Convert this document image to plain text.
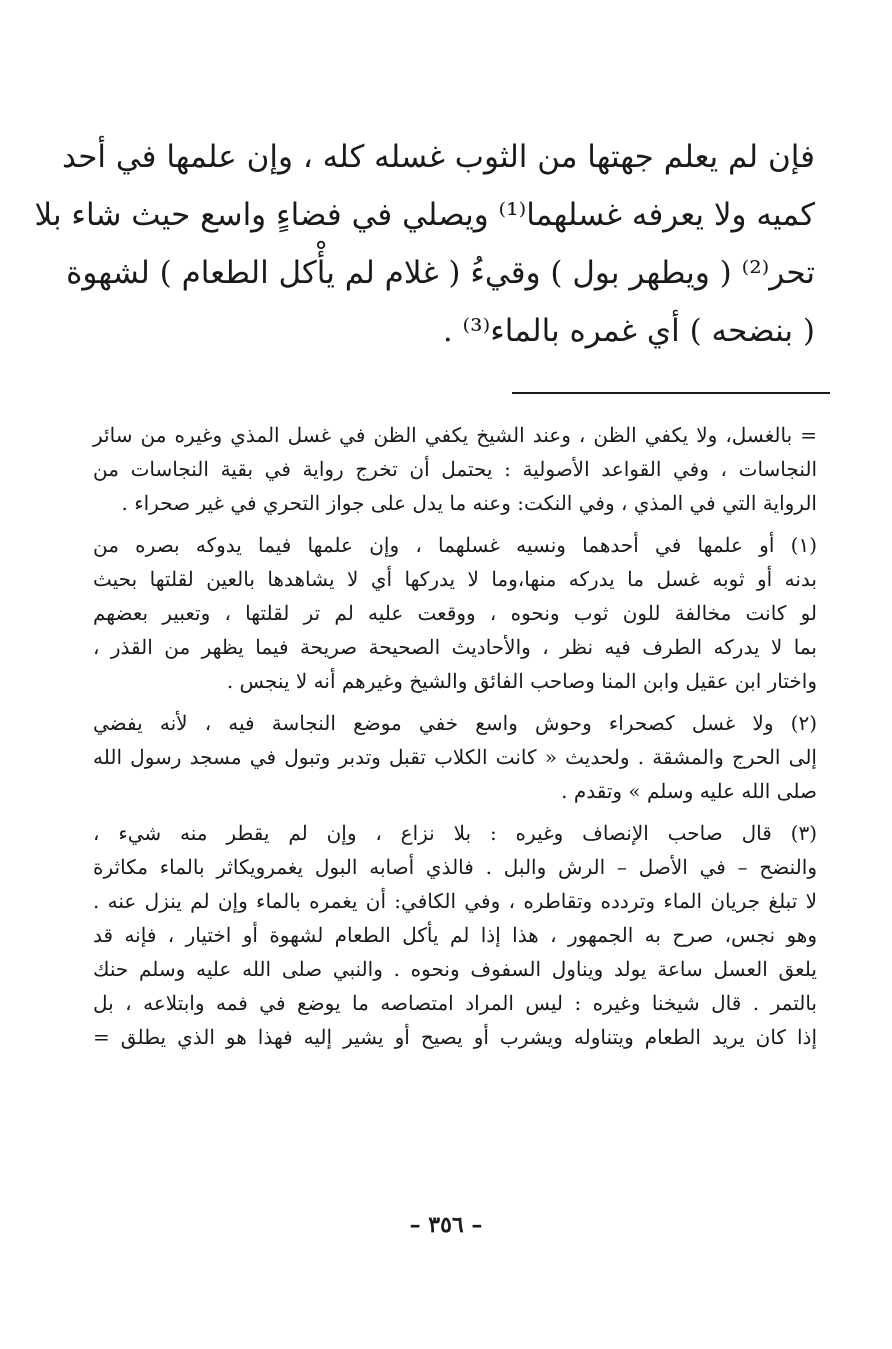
فإن لم يعلم جهتها من الثوب غسله كله ، وإن علمها في أحد
كميه ولا يعرفه غسلهما⁽¹⁾ ويصلي في فضاءٍ واسع حيث شاء بلا
تحر⁽²⁾ ( ويطهر بول ) وقيءُ ( غلام لم يأْكل الطعام ) لشهوة
( بنضحه ) أي غمره بالماء⁽³⁾ .
= بالغسل، ولا يكفي الظن ، وعند الشيخ يكفي الظن في غسل المذي وغيره من سائر
النجاسات ، وفي القواعد الأصولية : يحتمل أن تخرج رواية في بقية النجاسات من
الرواية التي في المذي ، وفي النكت: وعنه ما يدل على جواز التحري في غير صحراء .
(١) أو علمها في أحدهما ونسيه غسلهما ، وإن علمها فيما يدوكه بصره من
بدنه أو ثوبه غسل ما يدركه منها،وما لا يدركها أي لا يشاهدها بالعين لقلتها بحيث
لو كانت مخالفة للون ثوب ونحوه ، ووقعت عليه لم تر لقلتها ، وتعبير بعضهم
بما لا يدركه الطرف فيه نظر ، والأحاديث الصحيحة صريحة فيما يظهر من القذر ،
واختار ابن عقيل وابن المنا وصاحب الفائق والشيخ وغيرهم أنه لا ينجس .
(٢) ولا غسل كصحراء وحوش واسع خفي موضع النجاسة فيه ، لأنه يفضي
إلى الحرج والمشقة . ولحديث « كانت الكلاب تقبل وتدبر وتبول في مسجد رسول الله
صلى الله عليه وسلم » وتقدم .
(٣) قال صاحب الإنصاف وغيره : بلا نزاع ، وإن لم يقطر منه شيء ،
والنضح – في الأصل – الرش والبل . فالذي أصابه البول يغمرويكاثر بالماء مكاثرة
لا تبلغ جريان الماء وتردده وتقاطره ، وفي الكافي: أن يغمره بالماء وإن لم ينزل عنه .
وهو نجس، صرح به الجمهور ، هذا إذا لم يأكل الطعام لشهوة أو اختيار ، فإنه قد
يلعق العسل ساعة يولد ويناول السفوف ونحوه . والنبي صلى الله عليه وسلم حنك
بالتمر . قال شيخنا وغيره : ليس المراد امتصاصه ما يوضع في فمه وابتلاعه ، بل
إذا كان يريد الطعام ويتناوله ويشرب أو يصيح أو يشير إليه فهذا هو الذي يطلق =
– ٣٥٦ –
